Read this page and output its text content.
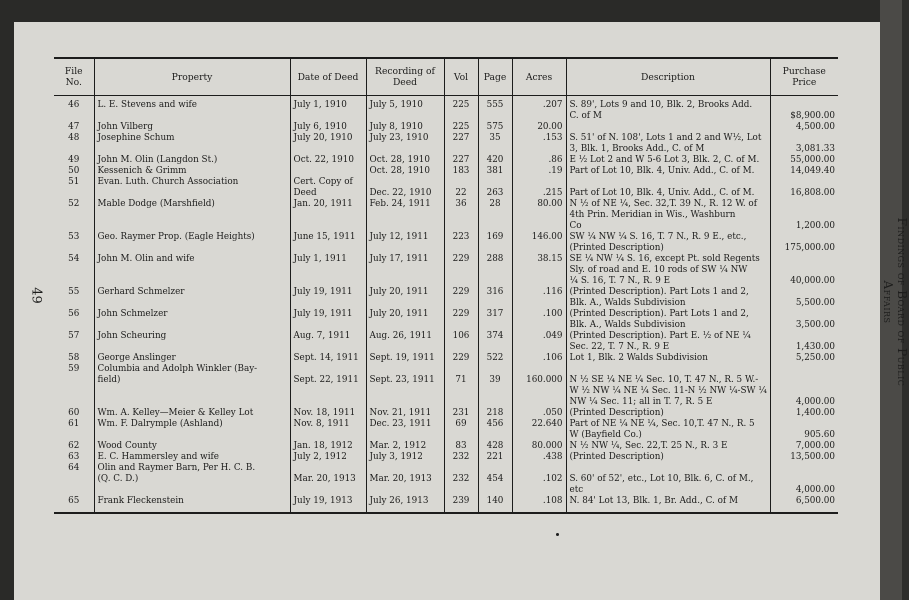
49	Findings of Board of Public Affairs
File No.	Property	Date of Deed	Recording of Deed	Vol	Page	Acres	Description	Purchase Price
46	L. E. Stevens and wife	July 1, 1910	July 5, 1910	225	555	.207	S. 89', Lots 9 and 10, Blk. 2, Brooks Add.	
							C. of M	$8,900.00
47	John Vilberg	July 6, 1910	July 8, 1910	225	575	20.00		4,500.00
48	Josephine Schum	July 20, 1910	July 23, 1910	227	35	.153	S. 51' of N. 108', Lots 1 and 2 and W½, Lot	
							3, Blk. 1, Brooks Add., C. of M	3,081.33
49	John M. Olin (Langdon St.)	Oct. 22, 1910	Oct. 28, 1910	227	420	.86	E ½ Lot 2 and W 5-6 Lot 3, Blk. 2, C. of M.	55,000.00
50	Kessenich & Grimm		Oct. 28, 1910	183	381	.19	Part of Lot 10, Blk. 4, Univ. Add., C. of M.	14,049.40
51	Evan. Luth. Church Association	Cert. Copy of						
		Deed	Dec. 22, 1910	22	263	.215	Part of Lot 10, Blk. 4, Univ. Add., C. of M.	16,808.00
52	Mable Dodge (Marshfield)	Jan. 20, 1911	Feb. 24, 1911	36	28	80.00	N ½ of NE ¼, Sec. 32,T. 39 N., R. 12 W. of	
							4th Prin. Meridian in Wis., Washburn	
							Co	1,200.00
53	Geo. Raymer Prop. (Eagle Heights)	June 15, 1911	July 12, 1911	223	169	146.00	SW ¼ NW ¼ S. 16, T. 7 N., R. 9 E., etc.,	
							(Printed Description)	175,000.00
54	John M. Olin and wife	July 1, 1911	July 17, 1911	229	288	38.15	SE ¼ NW ¼ S. 16, except Pt. sold Regents	
							Sly. of road and E. 10 rods of SW ¼ NW	
							¼ S. 16, T. 7 N., R. 9 E	40,000.00
55	Gerhard Schmelzer	July 19, 1911	July 20, 1911	229	316	.116	(Printed Description). Part Lots 1 and 2,	
							Blk. A., Walds Subdivision	5,500.00
56	John Schmelzer	July 19, 1911	July 20, 1911	229	317	.100	(Printed Description). Part Lots 1 and 2,	
							Blk. A., Walds Subdivision	3,500.00
57	John Scheuring	Aug. 7, 1911	Aug. 26, 1911	106	374	.049	(Printed Description). Part E. ½ of NE ¼	
							Sec. 22, T. 7 N., R. 9 E	1,430.00
58	George Anslinger	Sept. 14, 1911	Sept. 19, 1911	229	522	.106	Lot 1, Blk. 2 Walds Subdivision	5,250.00
59	Columbia and Adolph Winkler (Bay-							
	field)	Sept. 22, 1911	Sept. 23, 1911	71	39	160.000	N ½ SE ¼ NE ¼ Sec. 10, T. 47 N., R. 5 W.-	
							W ½ NW ¼ NE ¼ Sec. 11-N ½ NW ¼-SW ¼	
							NW ¼ Sec. 11; all in T. 7, R. 5 E	4,000.00
60	Wm. A. Kelley—Meier & Kelley Lot	Nov. 18, 1911	Nov. 21, 1911	231	218	.050	(Printed Description)	1,400.00
61	Wm. F. Dalrymple (Ashland)	Nov. 8, 1911	Dec. 23, 1911	69	456	22.640	Part of NE ¼ NE ¼, Sec. 10,T. 47 N., R. 5	
							W (Bayfield Co.)	905.60
62	Wood County	Jan. 18, 1912	Mar. 2, 1912	83	428	80.000	N ½ NW ¼, Sec. 22,T. 25 N., R. 3 E	7,000.00
63	E. C. Hammersley and wife	July 2, 1912	July 3, 1912	232	221	.438	(Printed Description)	13,500.00
64	Olin and Raymer Barn, Per H. C. B.							
	(Q. C. D.)	Mar. 20, 1913	Mar. 20, 1913	232	454	.102	S. 60' of 52', etc., Lot 10, Blk. 6, C. of M.,	
							etc	4,000.00
65	Frank Fleckenstein	July 19, 1913	July 26, 1913	239	140	.108	N. 84' Lot 13, Blk. 1, Br. Add., C. of M	6,500.00
